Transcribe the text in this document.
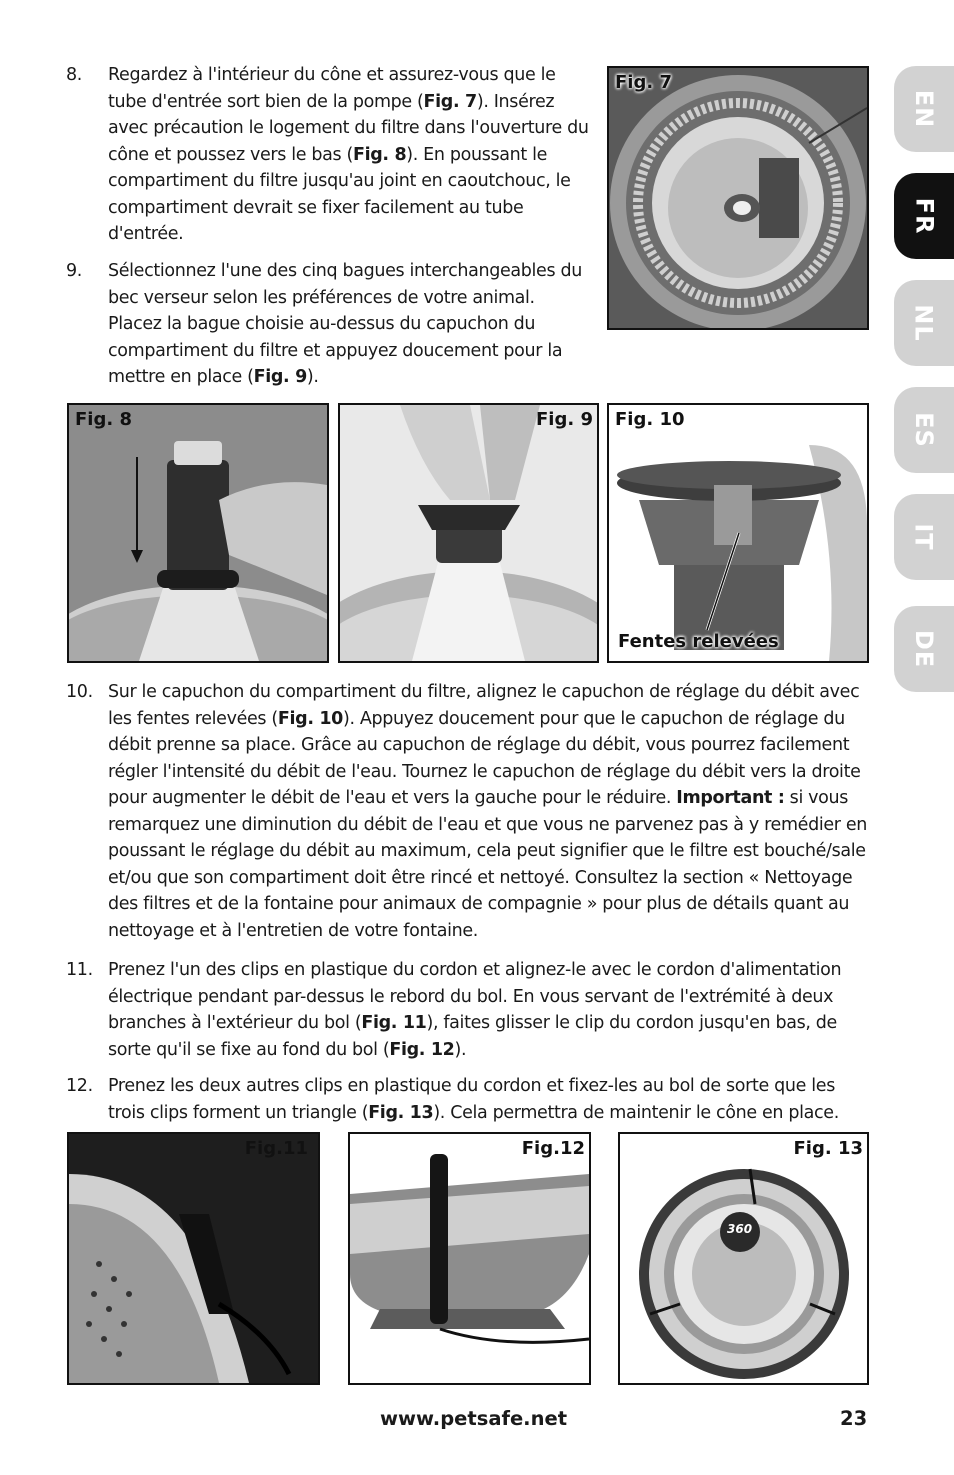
8. Regardez à l'intérieur du cône et assurez-vous que le tube d'entrée sort bien de la pompe (Fig. 7). Insérez avec précaution le logement du filtre dans l'ouverture du cône et poussez vers le bas (Fig. 8). En poussant le compartiment du filtre jusqu'au joint en caoutchouc, le compartiment devrait se fixer facilement au tube d'entrée.
9. Sélectionnez l'une des cinq bagues interchangeables du bec verseur selon les préférences de votre animal. Placez la bague choisie au-dessus du capuchon du compartiment du filtre et appuyez doucement pour la mettre en place (Fig. 9).
10. Sur le capuchon du compartiment du filtre, alignez le capuchon de réglage du débit avec les fentes relevées (Fig. 10). Appuyez doucement pour que le capuchon de réglage du débit prenne sa place. Grâce au capuchon de réglage du débit, vous pourrez facilement régler l'intensité du débit de l'eau. Tournez le capuchon de réglage du débit vers la droite pour augmenter le débit de l'eau et vers la gauche pour le réduire. Important : si vous remarquez une diminution du débit de l'eau et que vous ne parvenez pas à y remédier en poussant le réglage du débit au maximum, cela peut signifier que le filtre est bouché/sale et/ou que son compartiment doit être rincé et nettoyé. Consultez la section « Nettoyage des filtres et de la fontaine pour animaux de compagnie » pour plus de détails quant au nettoyage et à l'entretien de votre fontaine.
11. Prenez l'un des clips en plastique du cordon et alignez-le avec le cordon d'alimentation électrique pendant par-dessus le rebord du bol. En vous servant de l'extrémité à deux branches à l'extérieur du bol (Fig. 11), faites glisser le clip du cordon jusqu'en bas, de sorte qu'il se fixe au fond du bol (Fig. 12).
12. Prenez les deux autres clips en plastique du cordon et fixez-les au bol de sorte que les trois clips forment un triangle (Fig. 13). Cela permettra de maintenir le cône en place.
Fig. 7
Fig. 8	Fig. 9 Fig. 10
Fentes relevées
Fig.11	Fig.12
360
Fig. 13
EN
FR
NL
ES
IT
DE
www.petsafe.net	23
